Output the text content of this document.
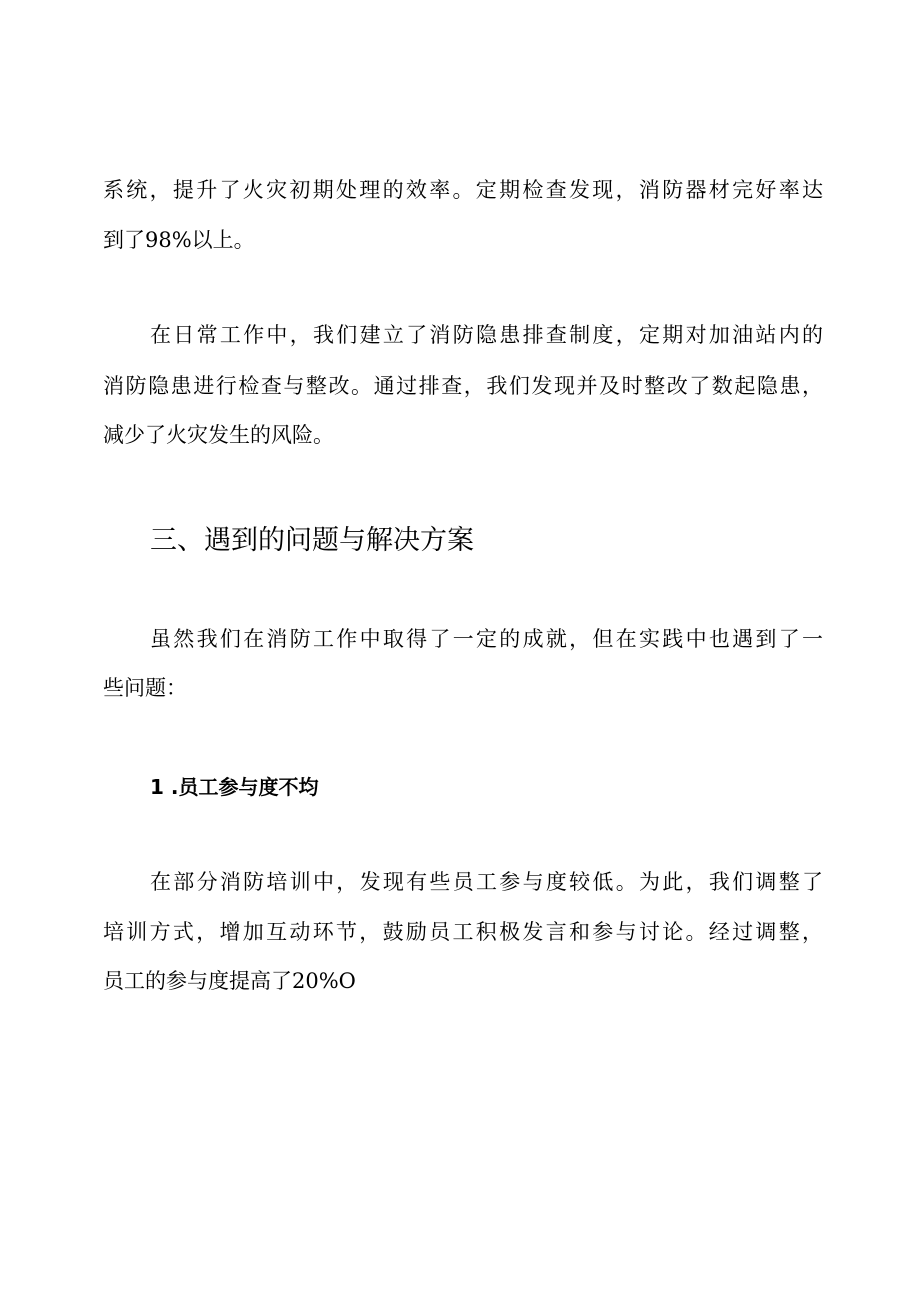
系统，提升了火灾初期处理的效率。定期检查发现，消防器材完好率达
到了98%以上。
在日常工作中，我们建立了消防隐患排查制度，定期对加油站内的
消防隐患进行检查与整改。通过排查，我们发现并及时整改了数起隐患，
减少了火灾发生的风险。
三、遇到的问题与解决方案
虽然我们在消防工作中取得了一定的成就，但在实践中也遇到了一
些问题：
1 .员工参与度不均
在部分消防培训中，发现有些员工参与度较低。为此，我们调整了
培训方式，增加互动环节，鼓励员工积极发言和参与讨论。经过调整，
员工的参与度提高了20%O
